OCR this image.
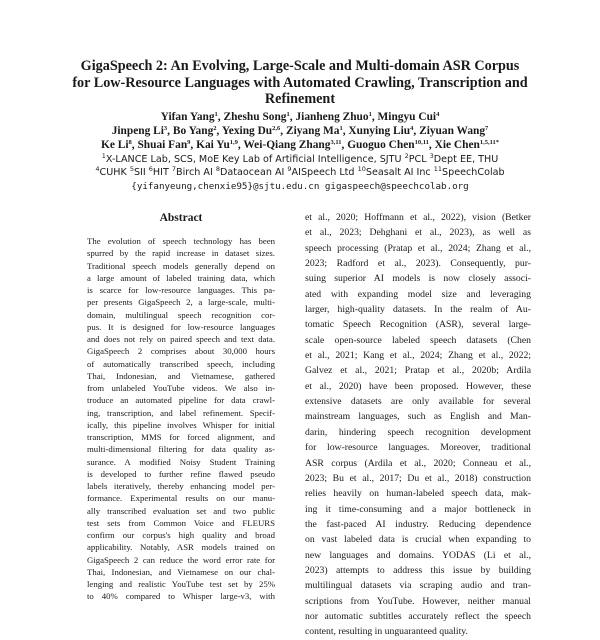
GigaSpeech 2: An Evolving, Large-Scale and Multi-domain ASR Corpus
for Low-Resource Languages with Automated Crawling, Transcription and
Refinement
Yifan Yang$^1$, Zheshu Song$^1$, Jianheng Zhuo$^1$, Mingyu Cui$^4$
Jinpeng Li$^3$, Bo Yang$^2$, Yexing Du$^{2,6}$, Ziyang Ma$^1$, Xunying Liu$^4$, Ziyuan Wang$^7$
Ke Li$^8$, Shuai Fan$^9$, Kai Yu$^{1,9}$, Wei-Qiang Zhang$^{3,11}$, Guoguo Chen$^{10,11}$, Xie Chen$^{1,5,11*}$
$^1$X-LANCE Lab, SCS, MoE Key Lab of Artificial Intelligence, SJTU $^2$PCL $^3$Dept EE, THU
$^4$CUHK $^5$SII $^6$HIT $^7$Birch AI $^8$Dataocean AI $^9$AISpeech Ltd $^{10}$Seasalt AI Inc $^{11}$SpeechColab
{yifanyeung,chenxie95}@sjtu.edu.cn gigaspeech@speechcolab.org
Abstract
The evolution of speech technology has been
spurred by the rapid increase in dataset sizes.
Traditional speech models generally depend on
a large amount of labeled training data, which
is scarce for low-resource languages. This pa-
per presents GigaSpeech 2, a large-scale, multi-
domain, multilingual speech recognition cor-
pus. It is designed for low-resource languages
and does not rely on paired speech and text data.
GigaSpeech 2 comprises about 30,000 hours
of automatically transcribed speech, including
Thai, Indonesian, and Vietnamese, gathered
from unlabeled YouTube videos. We also in-
troduce an automated pipeline for data crawl-
ing, transcription, and label refinement. Specif-
ically, this pipeline involves Whisper for initial
transcription, MMS for forced alignment, and
multi-dimensional filtering for data quality as-
surance. A modified Noisy Student Training
is developed to further refine flawed pseudo
labels iteratively, thereby enhancing model per-
formance. Experimental results on our manu-
ally transcribed evaluation set and two public
test sets from Common Voice and FLEURS
confirm our corpus's high quality and broad
applicability. Notably, ASR models trained on
GigaSpeech 2 can reduce the word error rate for
Thai, Indonesian, and Vietnamese on our chal-
lenging and realistic YouTube test set by 25%
to 40% compared to Whisper large-v3, with
et al., 2020; Hoffmann et al., 2022), vision (Betker
et al., 2023; Dehghani et al., 2023), as well as
speech processing (Pratap et al., 2024; Zhang et al.,
2023; Radford et al., 2023). Consequently, pur-
suing superior AI models is now closely associ-
ated with expanding model size and leveraging
larger, high-quality datasets. In the realm of Au-
tomatic Speech Recognition (ASR), several large-
scale open-source labeled speech datasets (Chen
et al., 2021; Kang et al., 2024; Zhang et al., 2022;
Galvez et al., 2021; Pratap et al., 2020b; Ardila
et al., 2020) have been proposed. However, these
extensive datasets are only available for several
mainstream languages, such as English and Man-
darin, hindering speech recognition development
for low-resource languages. Moreover, traditional
ASR corpus (Ardila et al., 2020; Conneau et al.,
2023; Bu et al., 2017; Du et al., 2018) construction
relies heavily on human-labeled speech data, mak-
ing it time-consuming and a major bottleneck in
the fast-paced AI industry. Reducing dependence
on vast labeled data is crucial when expanding to
new languages and domains. YODAS (Li et al.,
2023) attempts to address this issue by building
multilingual datasets via scraping audio and tran-
scriptions from YouTube. However, neither manual
nor automatic subtitles accurately reflect the speech
content, resulting in unguaranteed quality.
